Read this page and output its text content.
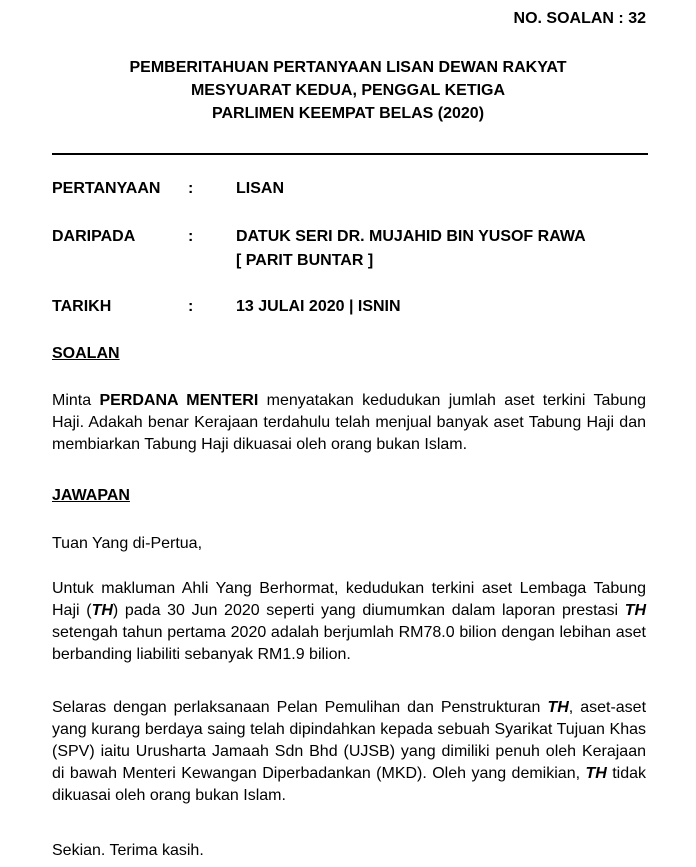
NO. SOALAN : 32
PEMBERITAHUAN PERTANYAAN LISAN DEWAN RAKYAT
MESYUARAT KEDUA, PENGGAL KETIGA
PARLIMEN KEEMPAT BELAS (2020)
PERTANYAAN :	LISAN
DARIPADA	:	DATUK SERI DR. MUJAHID BIN YUSOF RAWA
[ PARIT BUNTAR ]
TARIKH	:	13 JULAI 2020 | ISNIN
SOALAN
Minta PERDANA MENTERI menyatakan kedudukan jumlah aset terkini Tabung Haji. Adakah benar Kerajaan terdahulu telah menjual banyak aset Tabung Haji dan membiarkan Tabung Haji dikuasai oleh orang bukan Islam.
JAWAPAN
Tuan Yang di-Pertua,
Untuk makluman Ahli Yang Berhormat, kedudukan terkini aset Lembaga Tabung Haji (TH) pada 30 Jun 2020 seperti yang diumumkan dalam laporan prestasi TH setengah tahun pertama 2020 adalah berjumlah RM78.0 bilion dengan lebihan aset berbanding liabiliti sebanyak RM1.9 bilion.
Selaras dengan perlaksanaan Pelan Pemulihan dan Penstrukturan TH, aset-aset yang kurang berdaya saing telah dipindahkan kepada sebuah Syarikat Tujuan Khas (SPV) iaitu Urusharta Jamaah Sdn Bhd (UJSB) yang dimiliki penuh oleh Kerajaan di bawah Menteri Kewangan Diperbadankan (MKD). Oleh yang demikian, TH tidak dikuasai oleh orang bukan Islam.
Sekian. Terima kasih.
